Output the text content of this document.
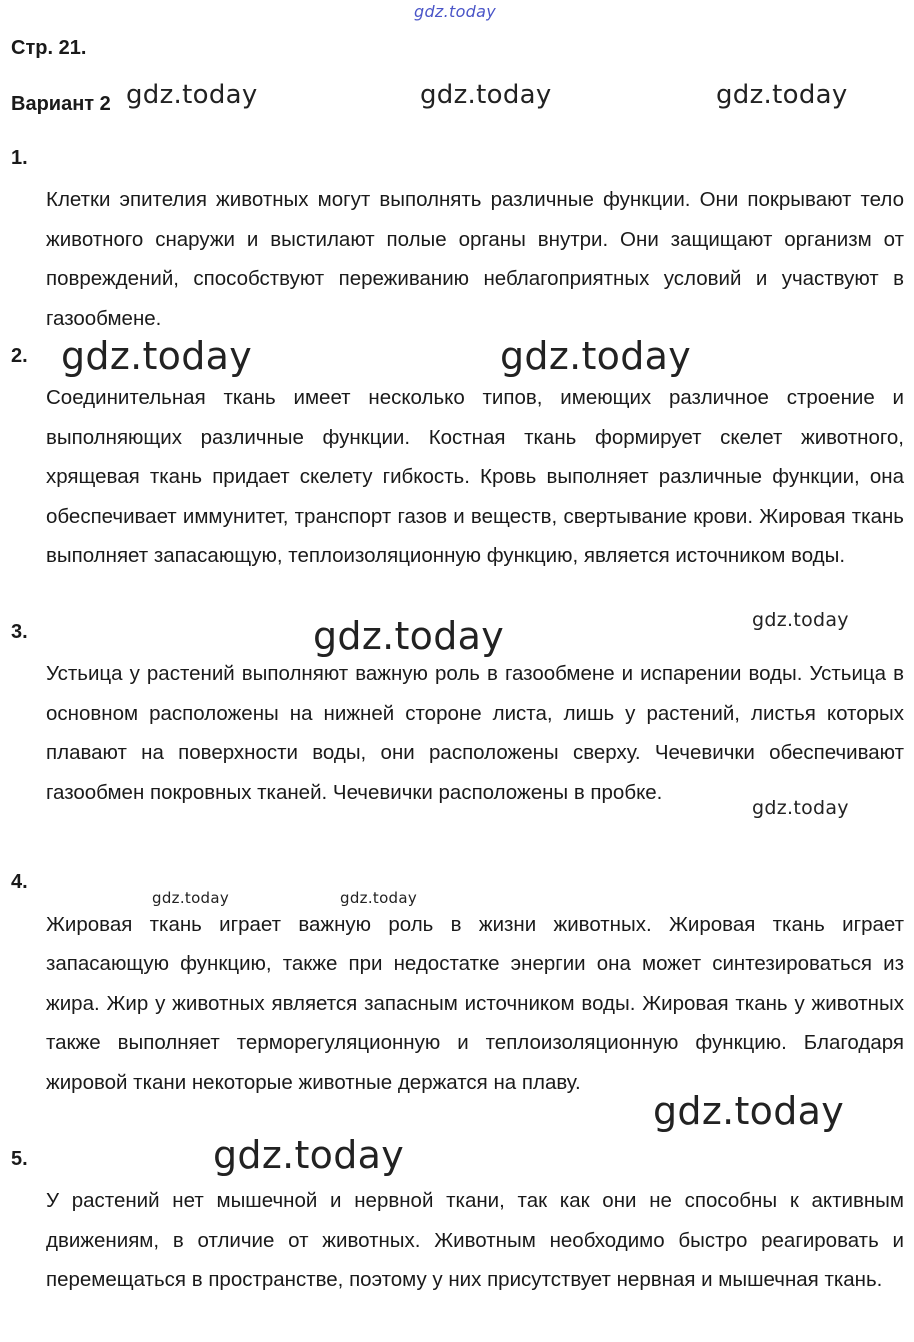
gdz.today
Стр. 21.
Вариант 2 gdz.today	gdz.today	gdz.today
1.

Клетки эпителия животных могут выполнять различные функции. Они покрывают тело животного снаружи и выстилают полые органы внутри. Они защищают организм от повреждений, способствуют переживанию неблагоприятных условий и участвуют в газообмене.

2. gdz.today	gdz.today

Соединительная ткань имеет несколько типов, имеющих различное строение и выполняющих различные функции. Костная ткань формирует скелет животного, хрящевая ткань придает скелету гибкость. Кровь выполняет различные функции, она обеспечивает иммунитет, транспорт газов и веществ, свертывание крови. Жировая ткань выполняет запасающую, теплоизоляционную функцию, является источником воды.

3.	gdz.today	gdz.today

Устьица у растений выполняют важную роль в газообмене и испарении воды. Устьица в основном расположены на нижней стороне листа, лишь у растений, листья которых плавают на поверхности воды, они расположены сверху. Чечевички обеспечивают газообмен покровных тканей. Чечевички расположены в пробке.

gdz.today
4.
gdz.today	gdz.today

Жировая ткань играет важную роль в жизни животных. Жировая ткань играет запасающую функцию, также при недостатке энергии она может синтезироваться из жира. Жир у животных является запасным источником воды. Жировая ткань у животных также выполняет терморегуляционную и теплоизоляционную функцию. Благодаря жировой ткани некоторые животные держатся на плаву.

gdz.today
5.	gdz.today

У растений нет мышечной и нервной ткани, так как они не способны к активным движениям, в отличие от животных. Животным необходимо быстро реагировать и перемещаться в пространстве, поэтому у них присутствует нервная и мышечная ткань.
